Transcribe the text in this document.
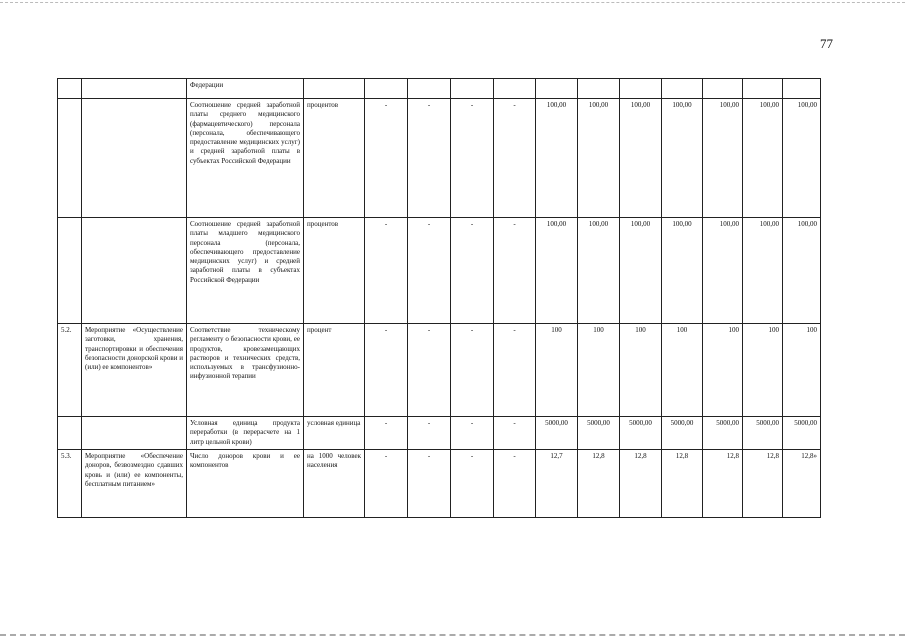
77
		Федерации												
		Соотношение средней заработной платы среднего медицинского (фармацевтического) персонала (персонала, обеспечивающего предоставление медицинских услуг) и средней заработной платы в субъектах Российской Федерации	процентов	-	-	-	-	100,00	100,00	100,00	100,00	100,00	100,00	100,00
		Соотношение средней заработной платы младшего медицинского персонала (персонала, обеспечивающего предоставление медицинских услуг) и средней заработной платы в субъектах Российской Федерации	процентов	-	-	-	-	100,00	100,00	100,00	100,00	100,00	100,00	100,00
5.2.	Мероприятие «Осуществление заготовки, хранения, транспортировки и обеспечения безопасности донорской крови и (или) ее компонентов»	Соответствие техническому регламенту о безопасности крови, ее продуктов, кровезамещающих растворов и технических средств, используемых в трансфузионно-инфузионной терапии	процент	-	-	-	-	100	100	100	100	100	100	100
		Условная единица продукта переработки (в перерасчете на 1 литр цельной крови)	условная единица	-	-	-	-	5000,00	5000,00	5000,00	5000,00	5000,00	5000,00	5000,00
5.3.	Мероприятие «Обеспечение доноров, безвозмездно сдавших кровь и (или) ее компоненты, бесплатным питанием»	Число доноров крови и ее компонентов	на 1000 человек населения	-	-	-	-	12,7	12,8	12,8	12,8	12,8	12,8	12,8»
